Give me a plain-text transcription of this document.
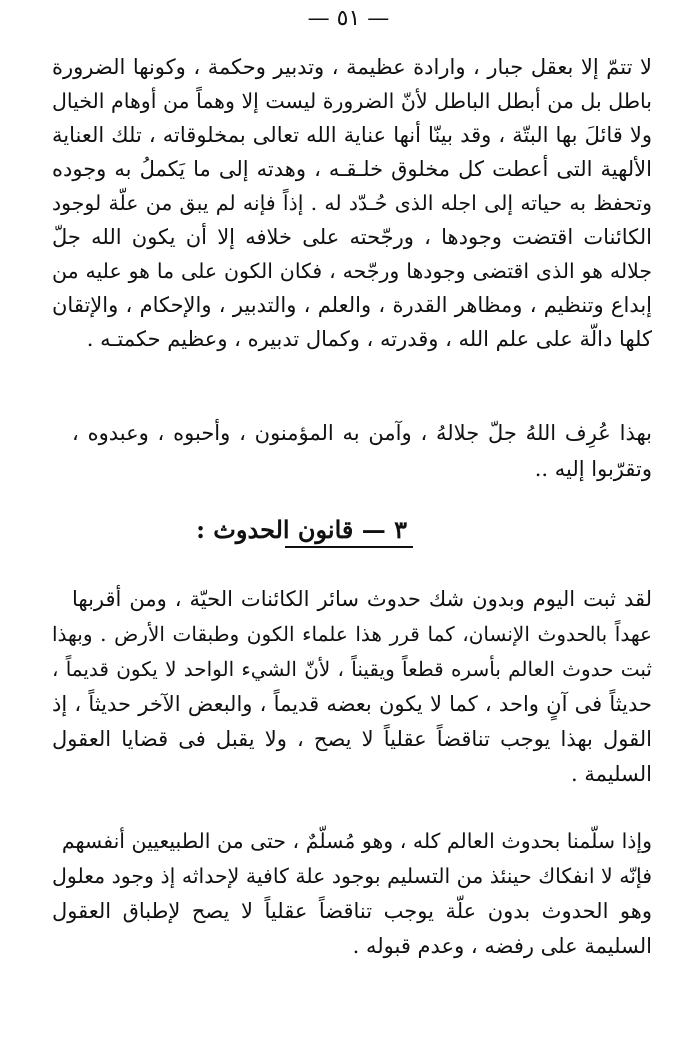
— ٥١ —
لا تتمّ إلا بعقل جبار ، وارادة عظيمة ، وتدبير وحكمة ، وكونها الضرورة
باطل بل من أبطل الباطل لأنّ الضرورة ليست إلا وهماً من أوهام الخيال
ولا قائلَ بها البتّة ، وقد بينّا أنها عناية الله تعالى بمخلوقاته ، تلك العناية
الألهية التى أعطت كل مخلوق خلـقـه ، وهدته إلى ما يَكملُ به وجوده
وتحفظ به حياته إلى اجله الذى حُـدّد له . إذاً فإنه لم يبق من علّة لوجود
الكائنات اقتضت وجودها ، ورجّحته على خلافه إلا أن يكون الله جلّ
جلاله هو الذى اقتضى وجودها ورجّحه ، فكان الكون على ما هو عليه من
إبداع وتنظيم ، ومظاهر القدرة ، والعلم ، والتدبير ، والإحكام ، والإتقان
كلها دالّة على علم الله ، وقدرته ، وكمال تدبيره ، وعظيم حكمتـه .
بهذا عُرِف اللهُ جلّ جلالهُ ، وآمن به المؤمنون ، وأحبوه ، وعبدوه ،
وتقرّبوا إليه ..
٣ — قانون الحدوث :
لقد ثبت اليوم وبدون شك حدوث سائر الكائنات الحيّة ، ومن أقربها
عهداً بالحدوث الإنسان، كما قرر هذا علماء الكون وطبقات الأرض . وبهذا
ثبت حدوث العالم بأسره قطعاً ويقيناً ، لأنّ الشيء الواحد لا يكون قديماً ،
حديثاً فى آنٍ واحد ، كما لا يكون بعضه قديماً ، والبعض الآخر حديثاً ، إذ
القول بهذا يوجب تناقضاً عقلياً لا يصح ، ولا يقبل فى قضايا العقول
السليمة .
وإذا سلّمنا بحدوث العالم كله ، وهو مُسلّمٌ ، حتى من الطبيعيين أنفسهم
فإنّه لا انفكاك حينئذ من التسليم بوجود علة كافية لإحداثه إذ وجود معلول
وهو الحدوث بدون علّة يوجب تناقضاً عقلياً لا يصح لإطباق العقول
السليمة على رفضه ، وعدم قبوله .
